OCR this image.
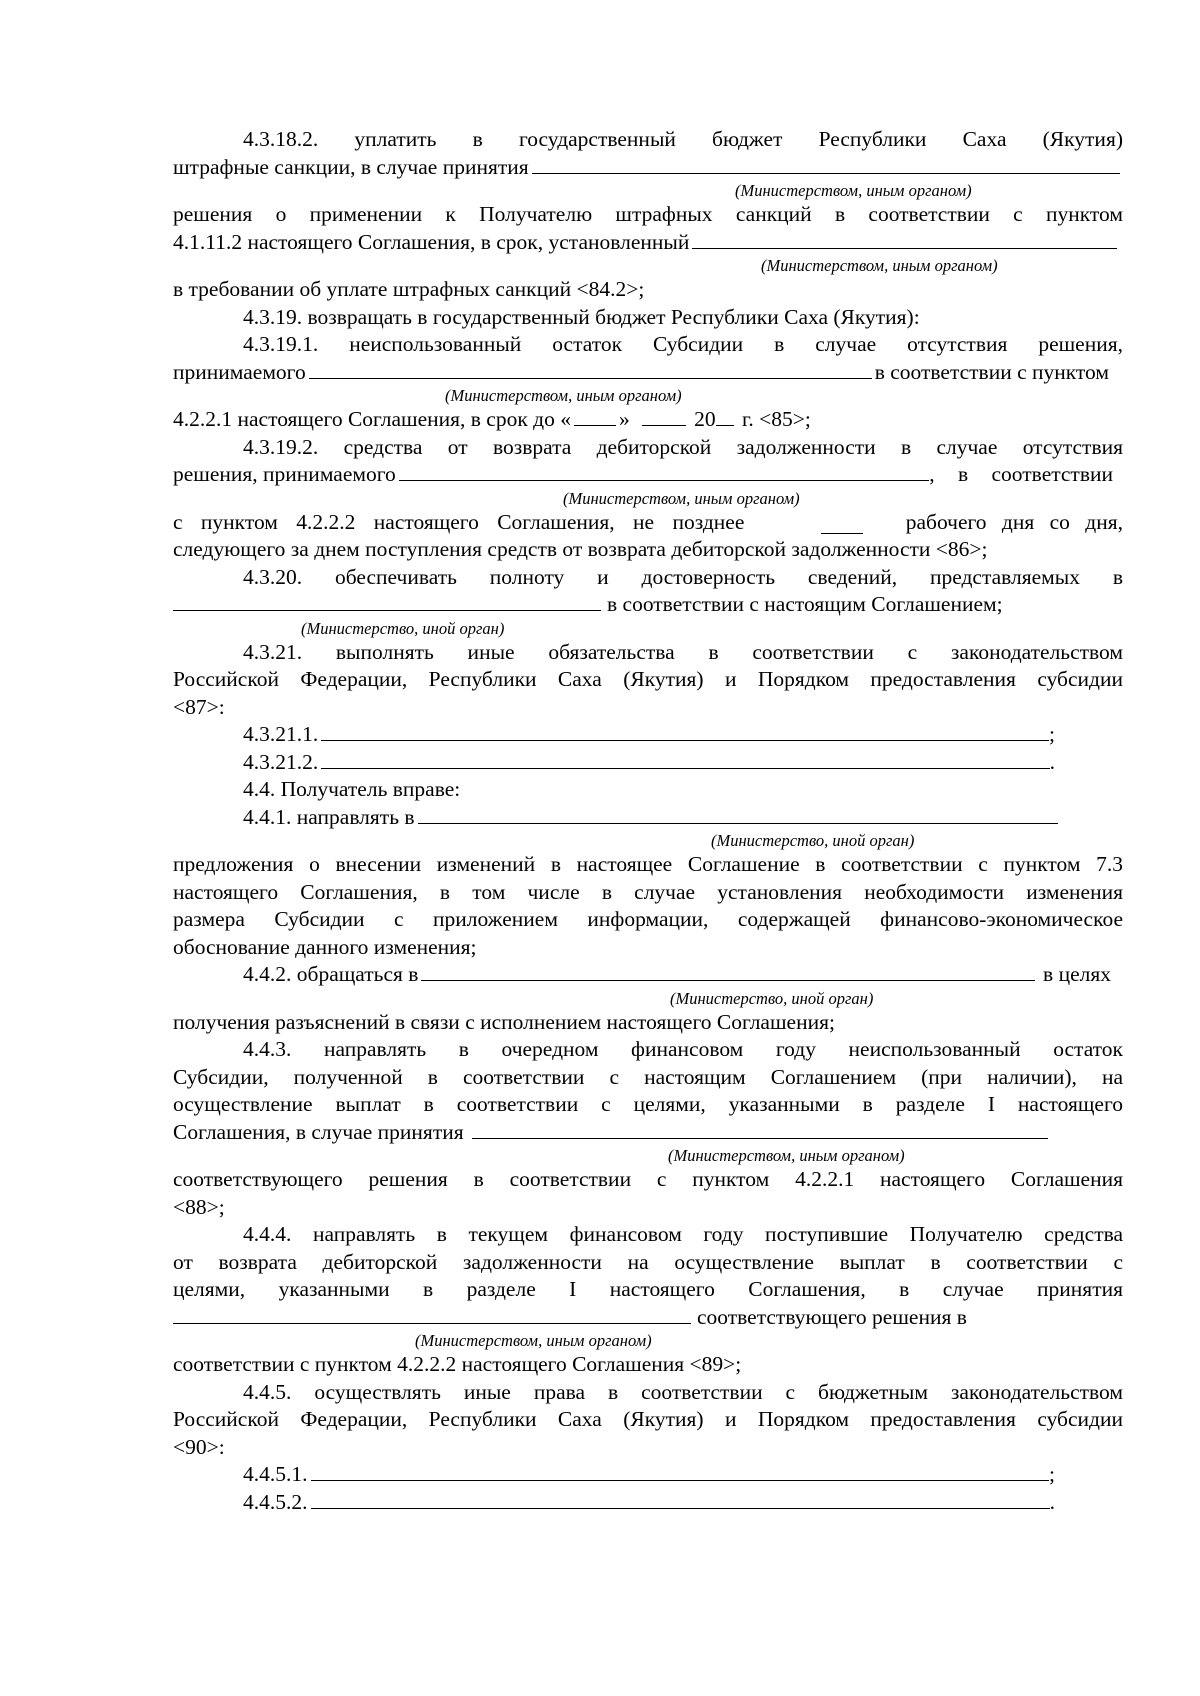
4.3.18.2. уплатить в государственный бюджет Республики Саха (Якутия)
штрафные санкции, в случае принятия
(Министерством, иным органом)
решения о применении к Получателю штрафных санкций в соответствии с пунктом
4.1.11.2 настоящего Соглашения, в срок, установленный
(Министерством, иным органом)
в требовании об уплате штрафных санкций <84.2>;
4.3.19. возвращать в государственный бюджет Республики Саха (Якутия):
4.3.19.1. неиспользованный остаток Субсидии в случае отсутствия решения,
принимаемого	в соответствии с пунктом
(Министерством, иным органом)
4.2.2.1 настоящего Соглашения, в срок до « »	20 г. <85>;
4.3.19.2. средства от возврата дебиторской задолженности в случае отсутствия
решения, принимаемого	, в соответствии
(Министерством, иным органом)
с пунктом 4.2.2.2 настоящего Соглашения, не позднее	рабочего дня со дня,
следующего за днем поступления средств от возврата дебиторской задолженности <86>;
4.3.20. обеспечивать полноту и достоверность сведений, представляемых в
в соответствии с настоящим Соглашением;
(Министерство, иной орган)
4.3.21. выполнять иные обязательства в соответствии с законодательством
Российской Федерации, Республики Саха (Якутия) и Порядком предоставления субсидии
<87>:
4.3.21.1.	;
4.3.21.2.	.
4.4. Получатель вправе:
4.4.1. направлять в
(Министерство, иной орган)
предложения о внесении изменений в настоящее Соглашение в соответствии с пунктом 7.3
настоящего Соглашения, в том числе в случае установления необходимости изменения
размера Субсидии с приложением информации, содержащей финансово-экономическое
обоснование данного изменения;
4.4.2. обращаться в	в целях
(Министерство, иной орган)
получения разъяснений в связи с исполнением настоящего Соглашения;
4.4.3. направлять в очередном финансовом году неиспользованный остаток
Субсидии, полученной в соответствии с настоящим Соглашением (при наличии), на
осуществление выплат в соответствии с целями, указанными в разделе I настоящего
Соглашения, в случае принятия
(Министерством, иным органом)
соответствующего решения в соответствии с пунктом 4.2.2.1 настоящего Соглашения
<88>;
4.4.4. направлять в текущем финансовом году поступившие Получателю средства
от возврата дебиторской задолженности на осуществление выплат в соответствии с
целями, указанными в разделе I настоящего Соглашения, в случае принятия
соответствующего решения в
(Министерством, иным органом)
соответствии с пунктом 4.2.2.2 настоящего Соглашения <89>;
4.4.5. осуществлять иные права в соответствии с бюджетным законодательством
Российской Федерации, Республики Саха (Якутия) и Порядком предоставления субсидии
<90>:
4.4.5.1.	;
4.4.5.2.	.
